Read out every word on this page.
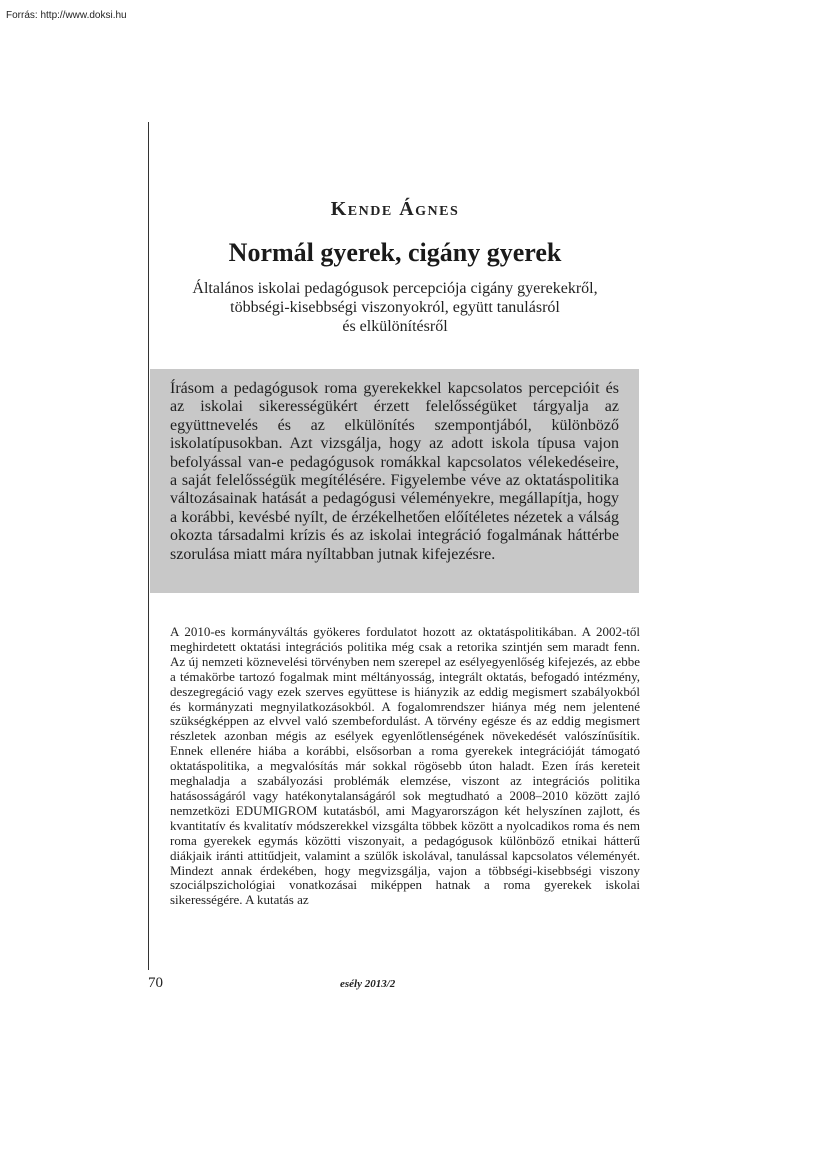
Forrás: http://www.doksi.hu
Kende Ágnes
Normál gyerek, cigány gyerek
Általános iskolai pedagógusok percepciója cigány gyerekekről,
többségi-kisebbségi viszonyokról, együtt tanulásról
és elkülönítésről

Írásom a pedagógusok roma gyerekekkel kapcsolatos percepcióit és az iskolai sikerességükért érzett felelősségüket tárgyalja az együttnevelés és az elkülönítés szempontjából, különböző iskolatípusokban. Azt vizsgálja, hogy az adott iskola típusa vajon befolyással van-e pedagógusok romákkal kapcsolatos vélekedéseire, a saját felelősségük megítélésére. Figyelembe véve az oktatáspolitika változásainak hatását a pedagógusi véleményekre, megállapítja, hogy a korábbi, kevésbé nyílt, de érzékelhetően előítéletes nézetek a válság okozta társadalmi krízis és az iskolai integráció fogalmának háttérbe szorulása miatt mára nyíltabban jutnak kifejezésre.

A 2010-es kormányváltás gyökeres fordulatot hozott az oktatáspolitikában. A 2002-től meghirdetett oktatási integrációs politika még csak a retorika szintjén sem maradt fenn. Az új nemzeti köznevelési törvényben nem szerepel az esélyegyenlőség kifejezés, az ebbe a témakörbe tartozó fogalmak mint méltányosság, integrált oktatás, befogadó intézmény, deszegregáció vagy ezek szerves együttese is hiányzik az eddig megismert szabályokból és kormányzati megnyilatkozásokból. A fogalomrendszer hiánya még nem jelentené szükségképpen az elvvel való szembefordulást. A törvény egésze és az eddig megismert részletek azonban mégis az esélyek egyenlőtlenségének növekedését valószínűsítik. Ennek ellenére hiába a korábbi, elsősorban a roma gyerekek integrációját támogató oktatáspolitika, a megvalósítás már sokkal rögösebb úton haladt. Ezen írás kereteit meghaladja a szabályozási problémák elemzése, viszont az integrációs politika hatásosságáról vagy hatékonytalanságáról sok megtudható a 2008–2010 között zajló nemzetközi EDUMIGROM kutatásból, ami Magyarországon két helyszínen zajlott, és kvantitatív és kvalitatív módszerekkel vizsgálta többek között a nyolcadikos roma és nem roma gyerekek egymás közötti viszonyait, a pedagógusok különböző etnikai hátterű diákjaik iránti attitűdjeit, valamint a szülők iskolával, tanulással kapcsolatos véleményét. Mindezt annak érdekében, hogy megvizsgálja, vajon a többségi-kisebbségi viszony szociálpszichológiai vonatkozásai miképpen hatnak a roma gyerekek iskolai sikerességére. A kutatás az

70	esély 2013/2
